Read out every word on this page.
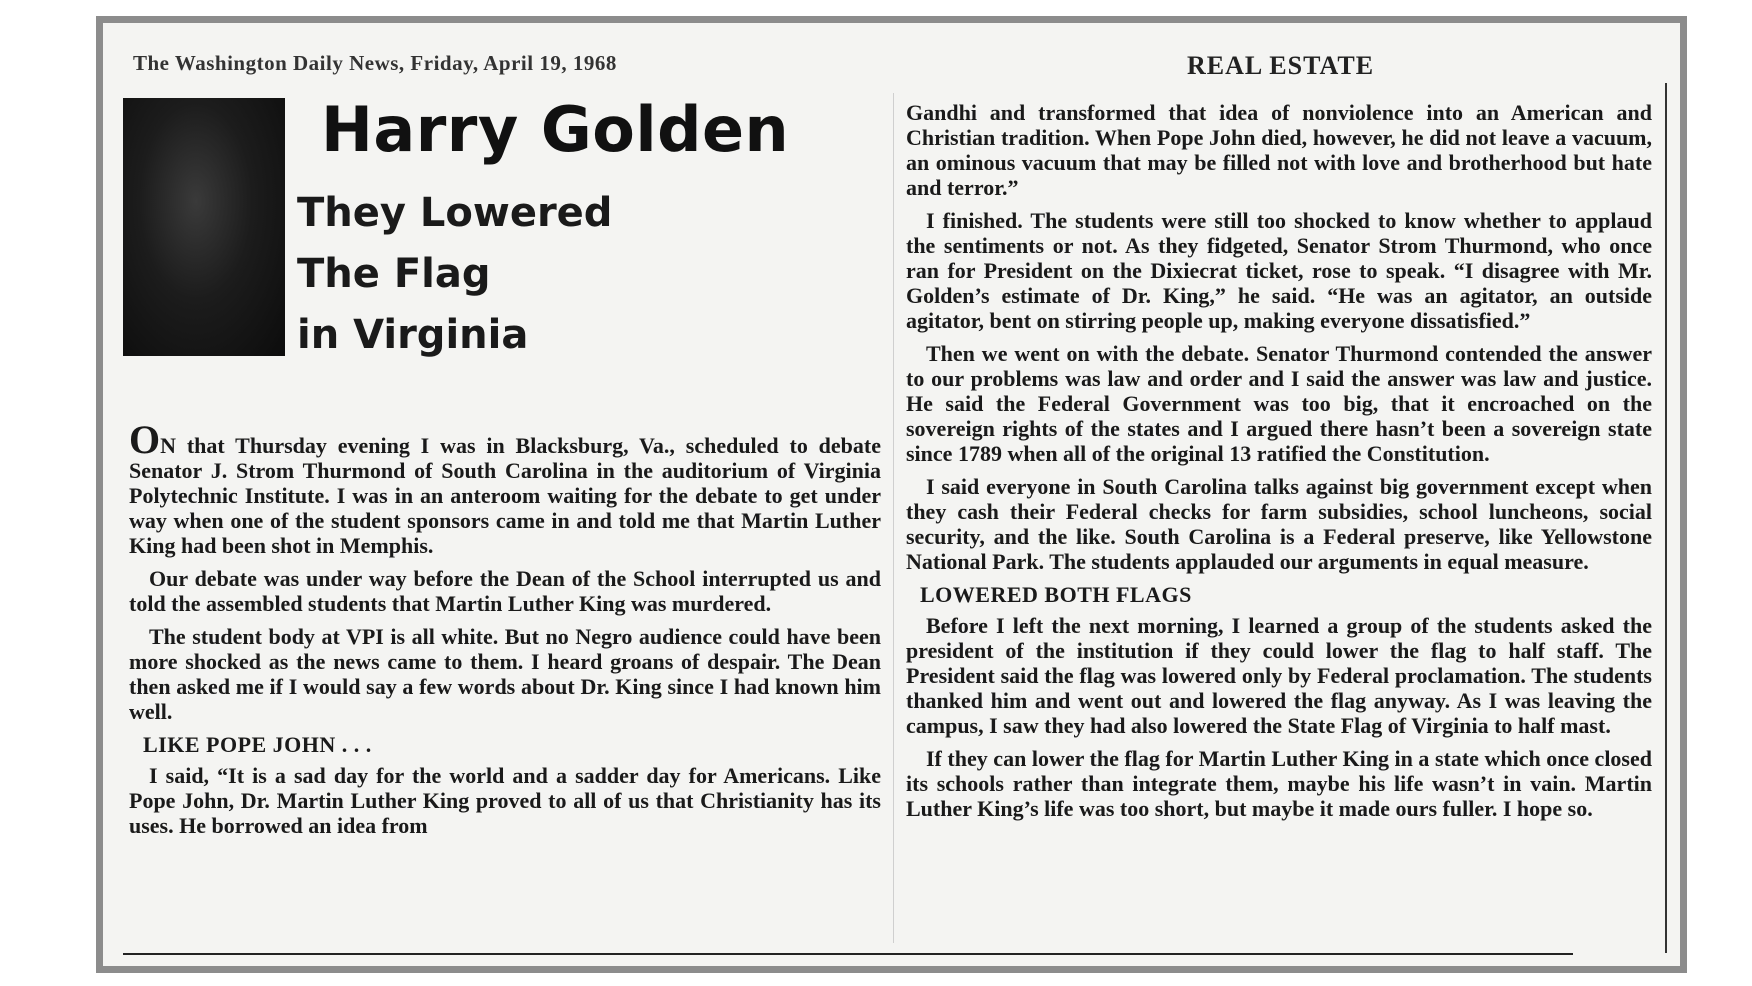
The Washington Daily News, Friday, April 19, 1968	REAL ESTATE
Harry Golden
They Lowered
The Flag
in Virginia

ON that Thursday evening I was in Blacksburg, Va., scheduled to debate Senator J. Strom Thurmond of South Carolina in the auditorium of Virginia Polytechnic Institute. I was in an anteroom waiting for the debate to get under way when one of the student sponsors came in and told me that Martin Luther King had been shot in Memphis.

Our debate was under way before the Dean of the School interrupted us and told the assembled students that Martin Luther King was murdered.

The student body at VPI is all white. But no Negro audience could have been more shocked as the news came to them. I heard groans of despair. The Dean then asked me if I would say a few words about Dr. King since I had known him well.

LIKE POPE JOHN . . .

I said, “It is a sad day for the world and a sadder day for Americans. Like Pope John, Dr. Martin Luther King proved to all of us that Christianity has its uses. He borrowed an idea from

Gandhi and transformed that idea of nonviolence into an American and Christian tradition. When Pope John died, however, he did not leave a vacuum, an ominous vacuum that may be filled not with love and brotherhood but hate and terror.”

I finished. The students were still too shocked to know whether to applaud the sentiments or not. As they fidgeted, Senator Strom Thurmond, who once ran for President on the Dixiecrat ticket, rose to speak. “I disagree with Mr. Golden’s estimate of Dr. King,” he said. “He was an agitator, an outside agitator, bent on stirring people up, making everyone dissatisfied.”

Then we went on with the debate. Senator Thurmond contended the answer to our problems was law and order and I said the answer was law and justice. He said the Federal Government was too big, that it encroached on the sovereign rights of the states and I argued there hasn’t been a sovereign state since 1789 when all of the original 13 ratified the Constitution.

I said everyone in South Carolina talks against big government except when they cash their Federal checks for farm subsidies, school luncheons, social security, and the like. South Carolina is a Federal preserve, like Yellowstone National Park. The students applauded our arguments in equal measure.

LOWERED BOTH FLAGS

Before I left the next morning, I learned a group of the students asked the president of the institution if they could lower the flag to half staff. The President said the flag was lowered only by Federal proclamation. The students thanked him and went out and lowered the flag anyway. As I was leaving the campus, I saw they had also lowered the State Flag of Virginia to half mast.

If they can lower the flag for Martin Luther King in a state which once closed its schools rather than integrate them, maybe his life wasn’t in vain. Martin Luther King’s life was too short, but maybe it made ours fuller. I hope so.
